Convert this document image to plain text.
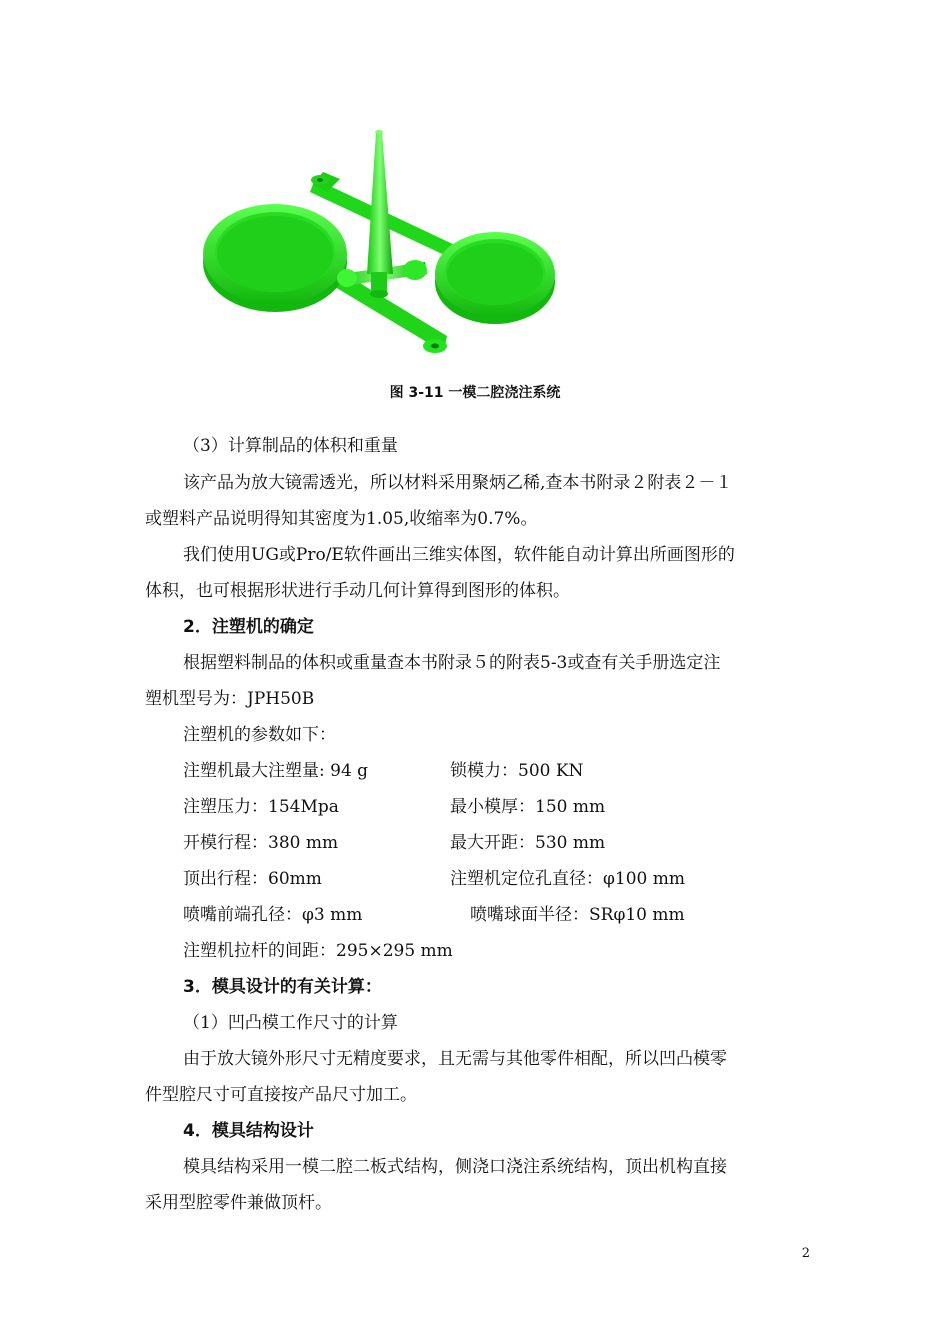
图 3-11 一模二腔浇注系统
（3）计算制品的体积和重量
该产品为放大镜需透光，所以材料采用聚炳乙稀,查本书附录２附表２－１
或塑料产品说明得知其密度为1.05,收缩率为0.7%。
我们使用UG或Pro/E软件画出三维实体图，软件能自动计算出所画图形的
体积，也可根据形状进行手动几何计算得到图形的体积。
2．注塑机的确定
根据塑料制品的体积或重量查本书附录５的附表5-3或查有关手册选定注
塑机型号为：JPH50B
注塑机的参数如下：
注塑机最大注塑量: 94 g	锁模力：500 KN
注塑压力：154Mpa	最小模厚：150 mm
开模行程：380 mm	最大开距：530 mm
顶出行程：60mm	注塑机定位孔直径：φ100 mm
喷嘴前端孔径：φ3 mm	喷嘴球面半径：SRφ10 mm
注塑机拉杆的间距：295×295 mm
3．模具设计的有关计算：
（1）凹凸模工作尺寸的计算
由于放大镜外形尺寸无精度要求，且无需与其他零件相配，所以凹凸模零
件型腔尺寸可直接按产品尺寸加工。
4．模具结构设计
模具结构采用一模二腔二板式结构，侧浇口浇注系统结构，顶出机构直接
采用型腔零件兼做顶杆。
2
